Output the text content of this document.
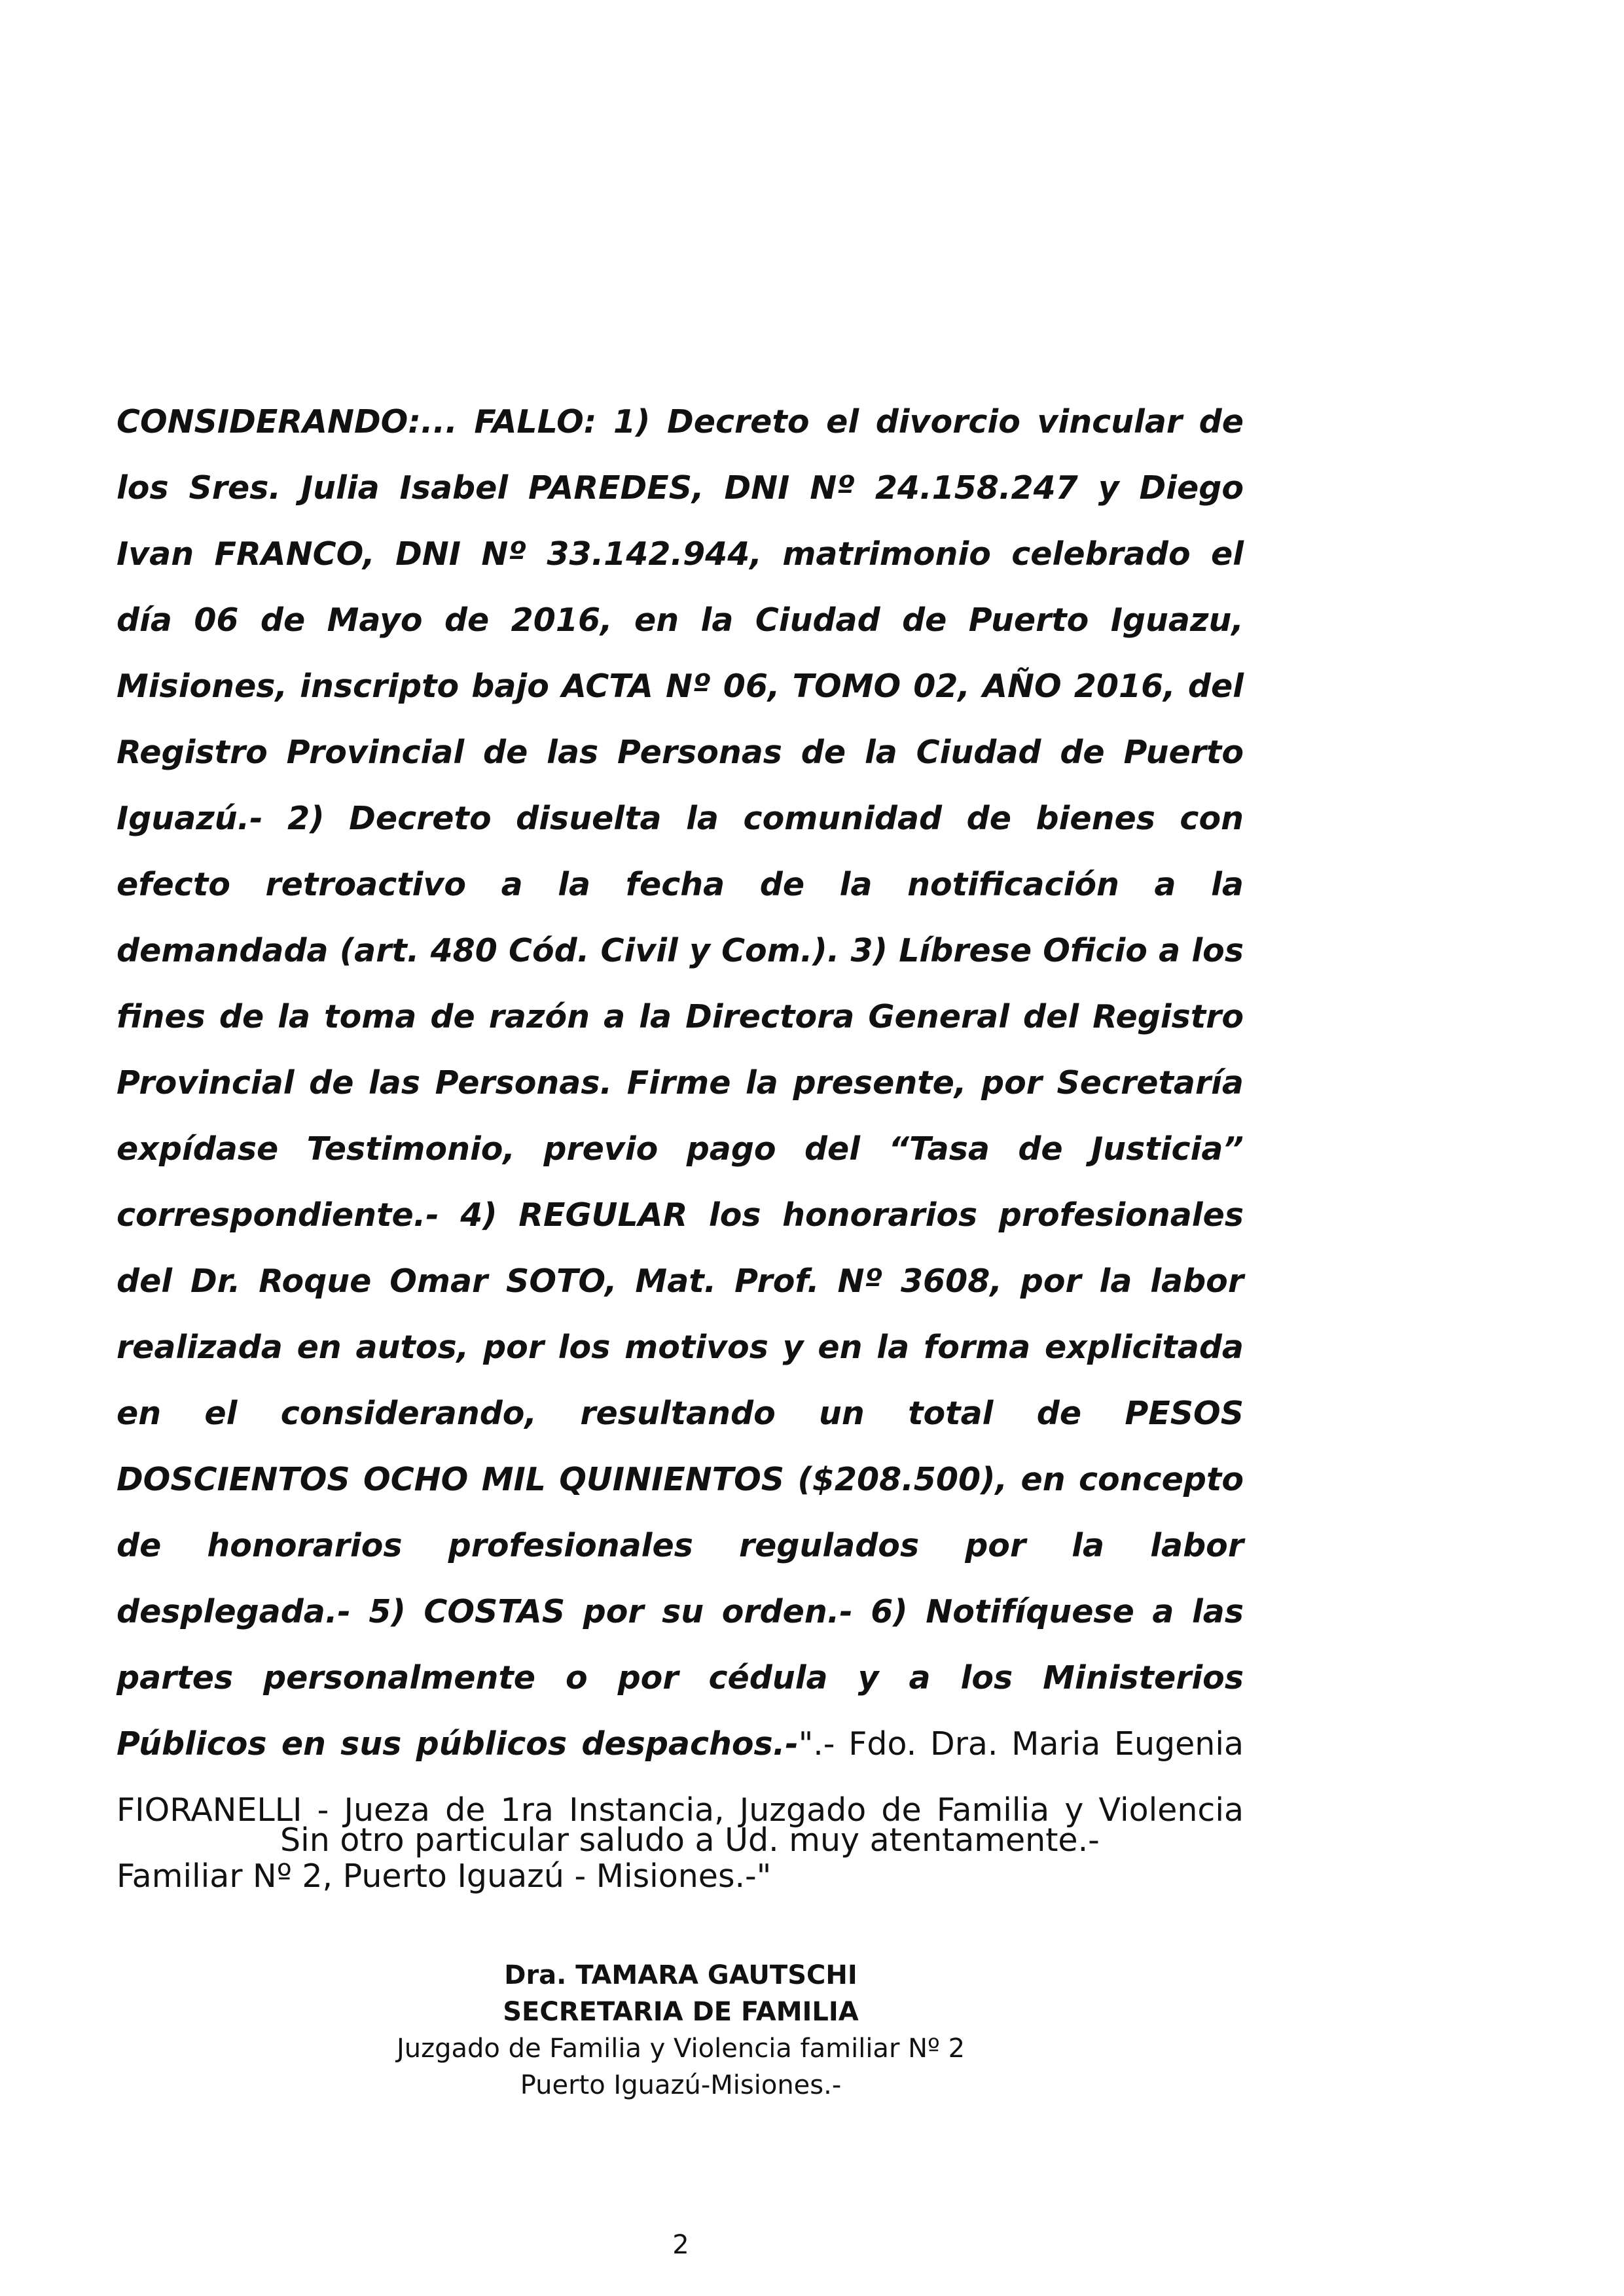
CONSIDERANDO:... FALLO: 1) Decreto el divorcio vincular de los Sres. Julia Isabel PAREDES, DNI Nº 24.158.247 y Diego Ivan FRANCO, DNI Nº 33.142.944, matrimonio celebrado el día 06 de Mayo de 2016, en la Ciudad de Puerto Iguazu, Misiones, inscripto bajo ACTA Nº 06, TOMO 02, AÑO 2016, del Registro Provincial de las Personas de la Ciudad de Puerto Iguazú.- 2) Decreto disuelta la comunidad de bienes con efecto retroactivo a la fecha de la notificación a la demandada (art. 480 Cód. Civil y Com.). 3) Líbrese Oficio a los fines de la toma de razón a la Directora General del Registro Provincial de las Personas. Firme la presente, por Secretaría expídase Testimonio, previo pago del “Tasa de Justicia” correspondiente.- 4) REGULAR los honorarios profesionales del Dr. Roque Omar SOTO, Mat. Prof. Nº 3608, por la labor realizada en autos, por los motivos y en la forma explicitada en el considerando, resultando un total de PESOS DOSCIENTOS OCHO MIL QUINIENTOS ($208.500), en concepto de honorarios profesionales regulados por la labor desplegada.- 5) COSTAS por su orden.- 6) Notifíquese a las partes personalmente o por cédula y a los Ministerios Públicos en sus públicos despachos.-".- Fdo. Dra. Maria Eugenia FIORANELLI - Jueza de 1ra Instancia, Juzgado de Familia y Violencia Familiar Nº 2, Puerto Iguazú - Misiones.-"
Sin otro particular saludo a Ud. muy atentamente.-
Dra. TAMARA GAUTSCHI
SECRETARIA DE FAMILIA
Juzgado de Familia y Violencia familiar Nº 2
Puerto Iguazú-Misiones.-
2
